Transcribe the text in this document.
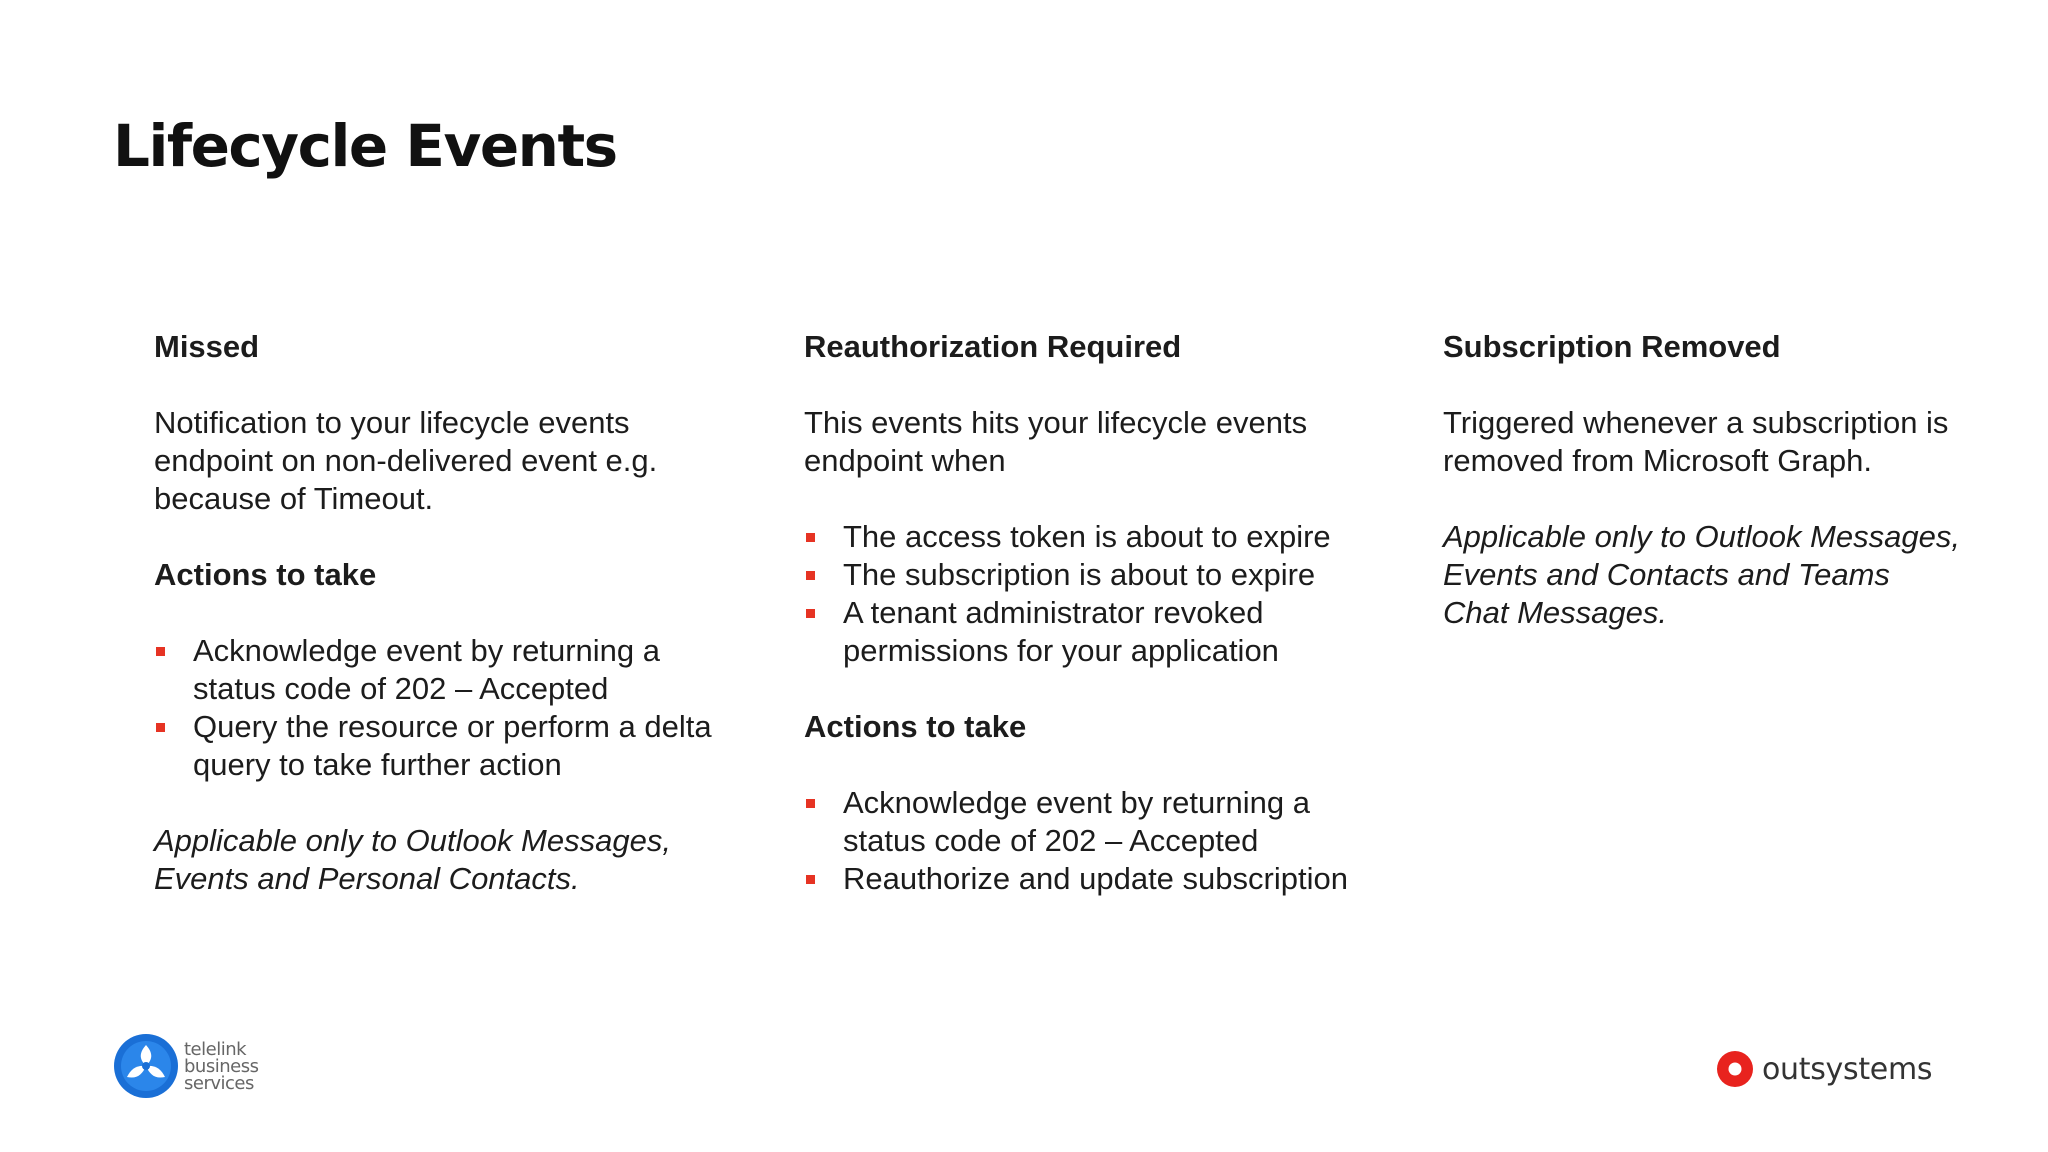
Lifecycle Events
Missed
Notification to your lifecycle events endpoint on non-delivered event e.g. because of Timeout.
Actions to take
Acknowledge event by returning a status code of 202 – Accepted
Query the resource or perform a delta query to take further action
Applicable only to Outlook Messages, Events and Personal Contacts.
Reauthorization Required
This events hits your lifecycle events endpoint when
The access token is about to expire
The subscription is about to expire
A tenant administrator revoked permissions for your application
Actions to take
Acknowledge event by returning a status code of 202 – Accepted
Reauthorize and update subscription
Subscription Removed
Triggered whenever a subscription is removed from Microsoft Graph.
Applicable only to Outlook Messages, Events and Contacts and Teams Chat Messages.
telelink
business
services	outsystems
